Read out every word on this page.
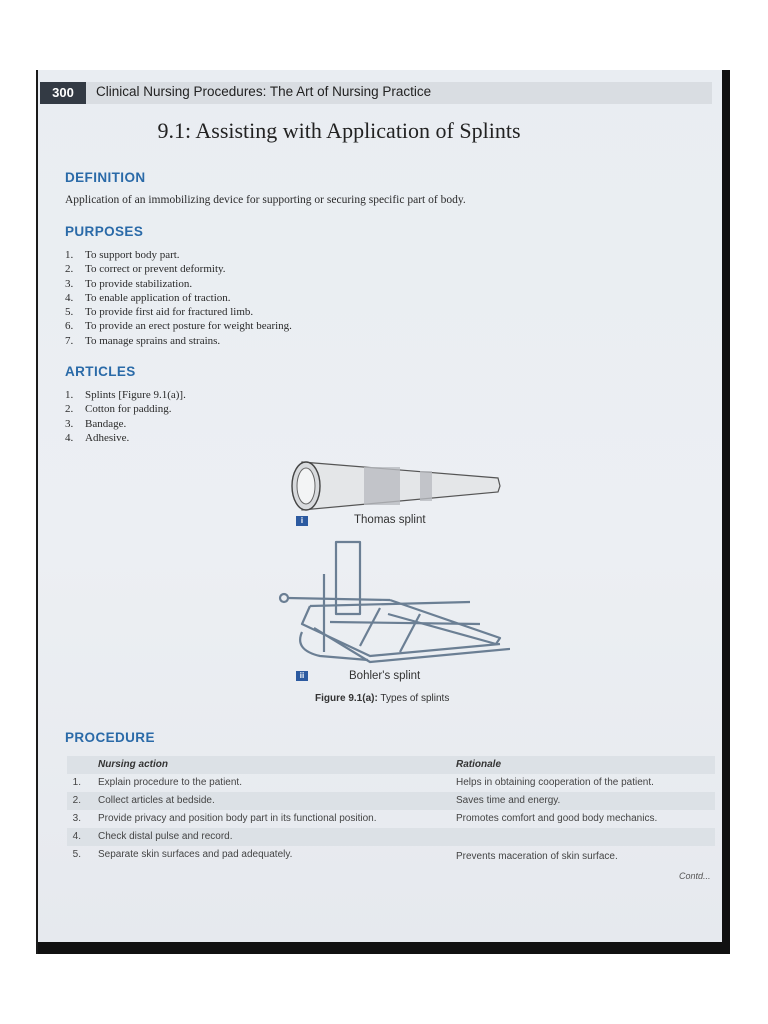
300	Clinical Nursing Procedures: The Art of Nursing Practice
9.1: Assisting with Application of Splints
DEFINITION
Application of an immobilizing device for supporting or securing specific part of body.
PURPOSES
1.	To support body part.
2.	To correct or prevent deformity.
3.	To provide stabilization.
4.	To enable application of traction.
5.	To provide first aid for fractured limb.
6.	To provide an erect posture for weight bearing.
7.	To manage sprains and strains.
ARTICLES
1.	Splints [Figure 9.1(a)].
2.	Cotton for padding.
3.	Bandage.
4.	Adhesive.
i	Thomas splint
ii	Bohler's splint
Figure 9.1(a): Types of splints
PROCEDURE
Nursing action	Rationale
1. Explain procedure to the patient.	Helps in obtaining cooperation of the patient.
2. Collect articles at bedside.	Saves time and energy.
3. Provide privacy and position body part in its functional position.	Promotes comfort and good body mechanics.
4. Check distal pulse and record.
5. Separate skin surfaces and pad adequately.	Prevents maceration of skin surface.
Contd...
